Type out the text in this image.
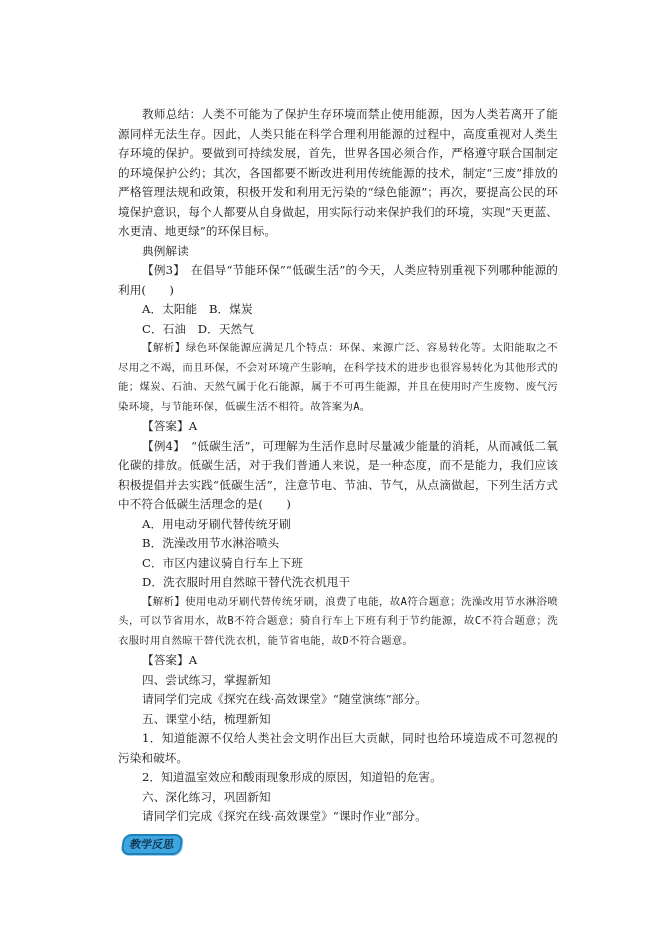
教师总结：人类不可能为了保护生存环境而禁止使用能源，因为人类若离开了能源同样无法生存。因此，人类只能在科学合理利用能源的过程中，高度重视对人类生存环境的保护。要做到可持续发展，首先，世界各国必须合作，严格遵守联合国制定的环境保护公约；其次，各国都要不断改进利用传统能源的技术，制定“三废”排放的严格管理法规和政策，积极开发和利用无污染的“绿色能源”；再次，要提高公民的环境保护意识，每个人都要从自身做起，用实际行动来保护我们的环境，实现“天更蓝、水更清、地更绿”的环保目标。

典例解读

【例3】　在倡导“节能环保”“低碳生活”的今天，人类应特别重视下列哪种能源的利用(　　)

A．太阳能　B．煤炭

C．石油　D．天然气

【解析】绿色环保能源应满足几个特点：环保、来源广泛、容易转化等。太阳能取之不尽用之不竭，而且环保，不会对环境产生影响，在科学技术的进步也很容易转化为其他形式的能；煤炭、石油、天然气属于化石能源，属于不可再生能源，并且在使用时产生废物、废气污染环境，与节能环保，低碳生活不相符。故答案为A。

【答案】A

【例4】　“低碳生活”，可理解为生活作息时尽量减少能量的消耗，从而减低二氧化碳的排放。低碳生活，对于我们普通人来说，是一种态度，而不是能力，我们应该积极提倡并去实践“低碳生活”，注意节电、节油、节气，从点滴做起，下列生活方式中不符合低碳生活理念的是(　　)

A．用电动牙刷代替传统牙刷

B．洗澡改用节水淋浴喷头

C．市区内建议骑自行车上下班

D．洗衣服时用自然晾干替代洗衣机甩干

【解析】使用电动牙刷代替传统牙刷，浪费了电能，故A符合题意；洗澡改用节水淋浴喷头，可以节省用水，故B不符合题意；骑自行车上下班有利于节约能源，故C不符合题意；洗衣服时用自然晾干替代洗衣机，能节省电能，故D不符合题意。

【答案】A

四、尝试练习，掌握新知

请同学们完成《探究在线·高效课堂》“随堂演练”部分。

五、课堂小结，梳理新知

1．知道能源不仅给人类社会文明作出巨大贡献，同时也给环境造成不可忽视的污染和破坏。

2．知道温室效应和酸雨现象形成的原因，知道铅的危害。

六、深化练习，巩固新知

请同学们完成《探究在线·高效课堂》“课时作业”部分。

教学反思
